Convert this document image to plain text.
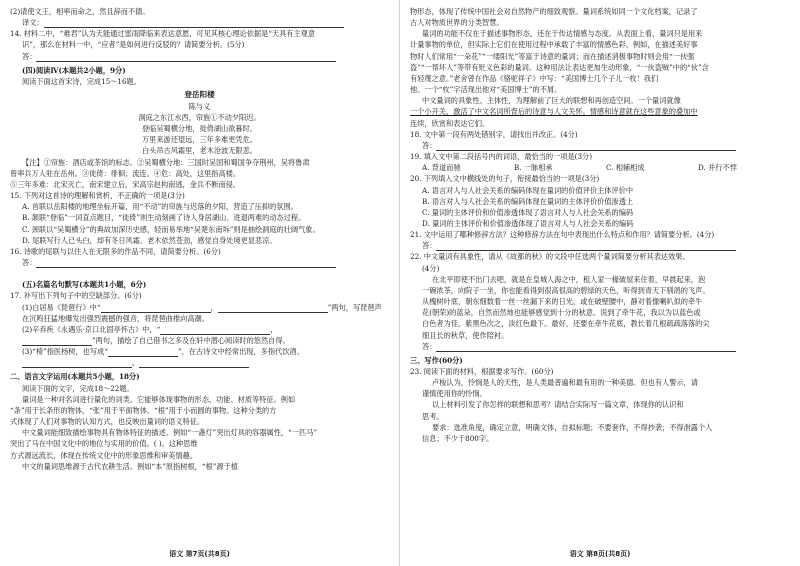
(2)请使文王，相率而命之，然且辞而不德。
译文：
14. 材料二中，“难君”认为天能通过雷雨降临来表达意愿，可见其核心理论依据是“天具有主观意
识”，那么在材料一中，“应者”是如何进行反驳的？请简要分析。(5分)
答：
(四)阅读Ⅳ(本题共2小题，9分)
阅读下面这首宋诗，完成15～16题。
登岳阳楼
陈与义
洞庭之东江水西，帘旌①不动夕阳迟。
登临吴蜀横分地，徙倚湖山欲暮时。
万里来游还望远，三年多难更凭危。
白头吊古风霜里，老木沧波无限悲。
【注】①帘旌：酒店或茶馆的标志。②吴蜀横分地：三国时吴国和蜀国争夺荆州，吴将鲁肃
曾率兵万人驻在岳州。③徙倚：徘徊；流连。④危：高处，这里指高楼。
⑤三年多难：北宋灭亡，南宋建立后，宋高宗赵构南逃，金兵不断南侵。
15. 下列对这首诗的理解和赏析，不正确的一项是(3分)
A. 首联以岳阳楼的地理坐标开篇，用“不动”的帘旌与迟落的夕阳，营造了压抑的氛围。
B. 颔联“登临”一词直点题目，“徙倚”则生动刻画了诗人身居湖山、进退两难的动态过程。
C. 颈联以“吴蜀横分”的典故加深历史感，轻而易举地“吴楚东南坼”则是抽绘洞庭的壮阔气象。
D. 尾联写行人已头白，却有冬日风霜、老木依然苍劲，感觉自身处境更显悲凉。
16. 诗歌的尾联与以往人在无限多的作品不同，请简要分析。(6分)
答：
(五)名篇名句默写(本题共1小题，6分)
17. 补写出下列句子中的空缺部分。(6分)
(1)白居易《琵琶行》中“	，	”两句，写琵琶声
在沉鸣狂猛地爆发出强烈震撼的强音，将琵琶曲推向高潮。
(2)辛弃疾《永遇乐·京口北固亭怀古》中，“	，
”两句，描绘了自己借书之多及在轩中潜心阅读时的悠然自得。
(3)“椅”指医杨树，也写成“	”，在古诗文中经常出现，多指代饮酒。
，
二、语言文字运用(本题共5小题，18分)
阅读下面的文字，完成18～22题。
量词是一种对名词进行量化的词类。它能够体现事物的形态、功能、材质等特征。例如
“条”用于长条形的物体，“张”用于平面物体，“根”用于小而圆的事物。这种分类的方
式体现了人们对事物的认知方式，也反映出量词的语义特征。
中文量词能细致描绘事物具有物体特征的描述。例如“一盏灯”突出灯具的容器属性，“一匹马”
突出了马在中国文化中的地位与实用的价值。( )。这种思维
方式源远流长，体现在传统文化中的形象思维和审美情趣。
中文的量词思维源于古代农耕生活。例如“本”原指树根，“根”源于植
语文 第7页(共8页)
物形态，体现了传统中国社会对自然物产的细致观察。量词系统如同一个文化档案，记录了
古人对物质世界的分类智慧。
量词的功能不仅在于描述事物形态，还在于传达情感与态度。从表面上看，量词只是用来
计量事物的单位，但实际上它们在使用过程中承载了丰富的情感色彩。例如，在描述美好事
物时人们常用“一朵花”“一缕阳光”等富于诗意的量词；而在描述消极事物时则会用“一伙强
盗”“一帮坏人”等带有贬义色彩的量词。这种用法让表达更加生动形象，“一伙盗贼”中的“伙”含
有轻蔑之意。”老舍曾在作品《骆驼祥子》中写：“美国博士几个子儿一枚！我们
他。一个“枚”字活现出他对“美国博士”的不屑。
中文量词的具象性、主体性，为理解前了巨大的联想和再创造空间。一个量词就像
一个小开关，激活了中文名词所背后的诗意与人文关怀。情感和诗意就在这些意象的叠加中
连续，欣赏和表达它们。
18. 文中第一段有两处错别字，请找出并改正。(4分)
答：
19. 填入文中第二段括号内的词语，最恰当的一项是(3分)
A. 背道而驰	B. 一脉相承	C. 相辅相成	D. 并行不悖
20. 下列填入文中横线处的句子，衔接最恰当的一项是(3分)
A. 语言对人与人社会关系的编码体现在量词的价值评价主体评价中
B. 语言对人与人社会关系的编码体现在量词的主体评价价值渗透上
C. 量词的主体评价和价值渗透体现了语言对人与人社会关系的编码
D. 量词的主体评价和价值渗透体现了语言对人与人社会关系的编码
21. 文中运用了哪种修辞方法？这种修辞方法在句中表现出什么特点和作用？请简要分析。(4分)
答：
22. 中文量词有具象性，请从《故都的秋》的文段中任选两个量词简要分析其表达效果。
(4分)
在北平即使不出门去吧，就是在皇城人海之中，租人家一椽破屋来住着，早晨起来，泡
一碗浓茶，向院子一坐，你也能看得到很高很高的碧绿的天色，听得到青天下驯鸽的飞声。
从槐树叶底，朝东细数着一丝一丝漏下来的日光，或在破壁腰中，静对着像喇叭似的牵牛
花(朝荣)的蓝朵，自然而然地也能够感觉到十分的秋意。说到了牵牛花，我以为以蓝色或
白色者为佳，紫黑色次之，淡红色最下。最好，还要在牵牛花底，教长着几根疏疏落落的尖
细且长的秋草，使作陪衬。
答：
三、写作(60分)
23. 阅读下面的材料，根据要求写作。(60分)
卢梭认为，怜悯是人的天性，是人类最普遍和最有用的一种美德。但也有人警示，请
谨慎使用你的怜悯。
以上材料引发了你怎样的联想和思考？请结合实际写一篇文章，体现你的认识和
思考。
要求：选准角度，确定立意，明确文体，自拟标题；不要套作，不得抄袭；不得泄露个人
信息；不少于800字。
语文 第8页(共8页)
